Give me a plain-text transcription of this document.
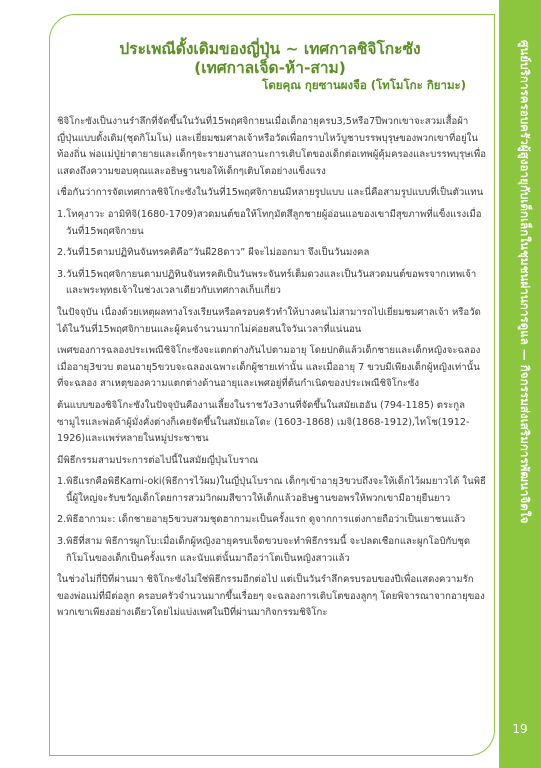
ศูนย์บริการครอบครัวผู้สูงอายุกับเด็กเล็กในชุมชนผ่านการดูแล — กิจกรรมส่งเสริมการพัฒนาจิตใจ
19
ประเพณีดั้งเดิมของญี่ปุ่น ~ เทศกาลชิจิโกะซัง
(เทศกาลเจ็ด-ห้า-สาม)
โดยคุณ กุยซานผงจือ (โทโมโกะ กิยามะ)

ชิจิโกะซังเป็นงานรำลึกที่จัดขึ้นในวันที่15พฤศจิกายนเมื่อเด็กอายุครบ3,5หรือ7ปีพวกเขาจะสวมเสื้อผ้าญี่ปุ่นแบบดั้งเดิม(ชุดกิโมโน) และเยี่ยมชมศาลเจ้าหรือวัดเพื่อกราบไหว้บูชาบรรพบุรุษของพวกเขาที่อยู่ในท้องถิ่น พ่อแม่ปู่ย่าตายายและเด็กๆจะรายงานสถานะการเติบโตของเด็กต่อเทพผู้คุ้มครองและบรรพบุรุษเพื่อแสดงถึงความขอบคุณและอธิษฐานขอให้เด็กๆเติบโตอย่างแข็งแรง

เชื่อกันว่าการจัดเทศกาลชิจิโกะซังในวันที่15พฤศจิกายนมีหลายรูปแบบ และนี่คือสามรูปแบบที่เป็นตัวแทน

1.โทคุงาวะ อามิทิจิ(1680-1709)สวดมนต์ขอให้โทกุมัตสึลูกชายผู้อ่อนแอของเขามีสุขภาพที่แข็งแรงเมื่อวันที่15พฤศจิกายน

2.วันที่15ตามปฏิทินจันทรคติคือ“วันผี28ดาว” ผีจะไม่ออกมา จึงเป็นวันมงคล

3.วันที่15พฤศจิกายนตามปฏิทินจันทรคติเป็นวันพระจันทร์เต็มดวงและเป็นวันสวดมนต์ขอพรจากเทพเจ้า และพระพุทธเจ้าในช่วงเวลาเดียวกับเทศกาลเก็บเกี่ยว

ในปัจจุบัน เนื่องด้วยเหตุผลทางโรงเรียนหรือครอบครัวทำให้บางคนไม่สามารถไปเยี่ยมชมศาลเจ้า หรือวัดได้ในวันที่15พฤศจิกายนและผู้คนจำนวนมากไม่ค่อยสนใจวันเวลาที่แน่นอน

เพศของการฉลองประเพณีชิจิโกะซังจะแตกต่างกันไปตามอายุ โดยปกติแล้วเด็กชายและเด็กหญิงจะฉลองเมื่ออายุ3ขวบ ตอนอายุ5ขวบจะฉลองเฉพาะเด็กผู้ชายเท่านั้น และเมื่ออายุ 7 ขวบมีเพียงเด็กผู้หญิงเท่านั้นที่จะฉลอง สาเหตุของความแตกต่างด้านอายุและเพศอยู่ที่ต้นกำเนิดของประเพณีชิจิโกะซัง

ต้นแบบของชิจิโกะซังในปัจจุบันคืองานเลี้ยงในราชวัง3งานที่จัดขึ้นในสมัยเฮอัน (794-1185) ตระกูลซามูไรและพ่อค้าผู้มั่งคั่งต่างก็เคยจัดขึ้นในสมัยเอโดะ (1603-1868) เมจิ(1868-1912),ไทโช(1912-1926)และแพร่หลายในหมู่ประชาชน

มีพิธีกรรมสามประการต่อไปนี้ในสมัยญี่ปุ่นโบราณ

1.พิธีแรกคือพิธีKami-oki(พิธีการไว้ผม)ในญี่ปุ่นโบราณ เด็กๆเข้าอายุ3ขวบถึงจะให้เด็กไว้ผมยาวได้ ในพิธีนี้ผู้ใหญ่จะรับขวัญเด็กโดยการสวมวิกผมสีขาวให้เด็กแล้วอธิษฐานขอพรให้พวกเขามีอายุยืนยาว

2.พิธีฮากามะ: เด็กชายอายุ5ขวบสวมชุดฮากามะเป็นครั้งแรก ดูจากการแต่งกายถือว่าเป็นเยาชนแล้ว

3.พิธีที่สาม พิธีการผูกโบ:เมื่อเด็กผู้หญิงอายุครบเจ็ดขวบจะทำพิธีกรรมนี้ จะปลดเชือกและผูกโอบิกับชุดกิโมโนของเด็กเป็นครั้งแรก และนับแต่นั้นมาถือว่าโตเป็นหญิงสาวแล้ว

ในช่วงไม่กี่ปีที่ผ่านมา ชิจิโกะซังไม่ใช่พิธีกรรมอีกต่อไป แต่เป็นวันรำลึกครบรอบของปีเพื่อแสดงความรักของพ่อแม่ที่มีต่อลูก ครอบครัวจำนวนมากขึ้นเรื่อยๆ จะฉลองการเติบโตของลูกๆ โดยพิจารณาจากอายุของพวกเขาเพียงอย่างเดียวโดยไม่แบ่งเพศในปีที่ผ่านมากิจกรรมชิจิโกะ
